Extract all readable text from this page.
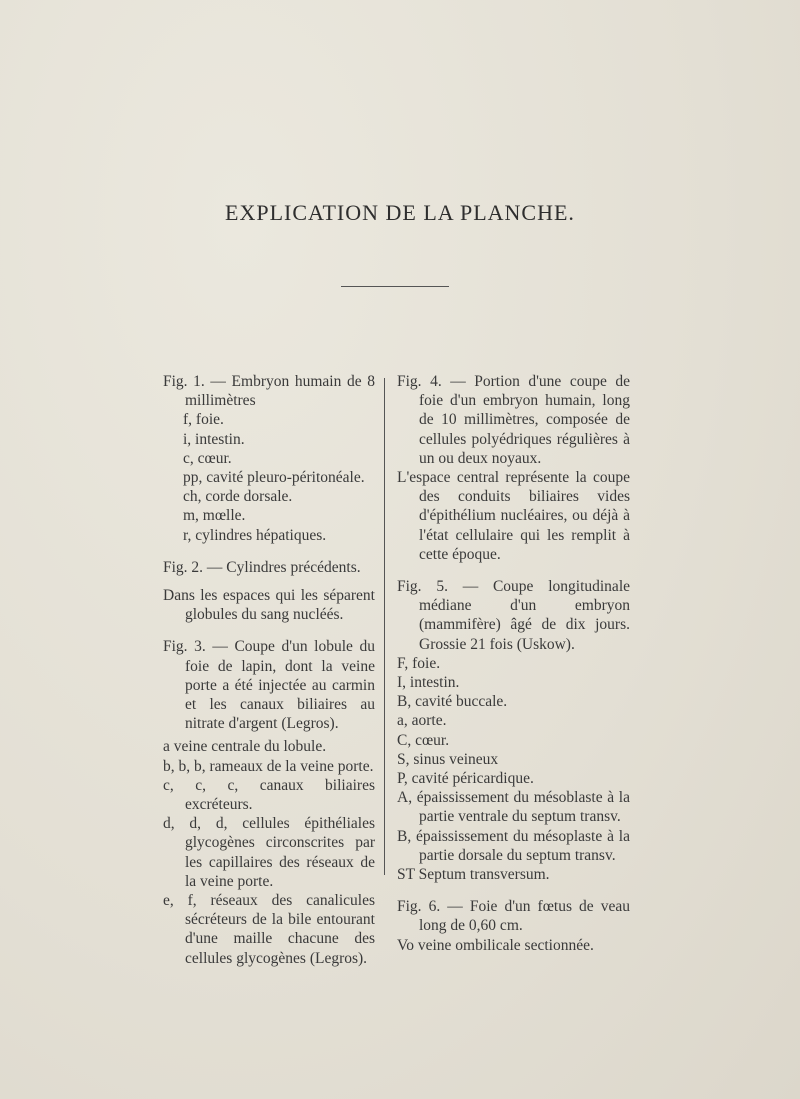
EXPLICATION DE LA PLANCHE.

Fig. 1. — Embryon humain de 8 millimètres

f, foie.

i, intestin.

c, cœur.

pp, cavité pleuro-péritonéale.

ch, corde dorsale.

m, mœlle.

r, cylindres hépatiques.

Fig. 2. — Cylindres précédents.

Dans les espaces qui les séparent globules du sang nucléés.

Fig. 3. — Coupe d'un lobule du foie de lapin, dont la veine porte a été injectée au carmin et les canaux biliaires au nitrate d'argent (Legros).

a veine centrale du lobule.

b, b, b, rameaux de la veine porte.

c, c, c, canaux biliaires excréteurs.

d, d, d, cellules épithéliales glycogènes circonscrites par les capillaires des réseaux de la veine porte.

e, f, réseaux des canalicules sécréteurs de la bile entourant d'une maille chacune des cellules glycogènes (Legros).

Fig. 4. — Portion d'une coupe de foie d'un embryon humain, long de 10 millimètres, composée de cellules polyédriques régulières à un ou deux noyaux.

L'espace central représente la coupe des conduits biliaires vides d'épithélium nucléaires, ou déjà à l'état cellulaire qui les remplit à cette époque.

Fig. 5. — Coupe longitudinale médiane d'un embryon (mammifère) âgé de dix jours. Grossie 21 fois (Uskow).

F, foie.

I, intestin.

B, cavité buccale.

a, aorte.

C, cœur.

S, sinus veineux

P, cavité péricardique.

A, épaississement du mésoblaste à la partie ventrale du septum transv.

B, épaississement du mésoplaste à la partie dorsale du septum transv.

ST Septum transversum.

Fig. 6. — Foie d'un fœtus de veau long de 0,60 cm.

Vo veine ombilicale sectionnée.
